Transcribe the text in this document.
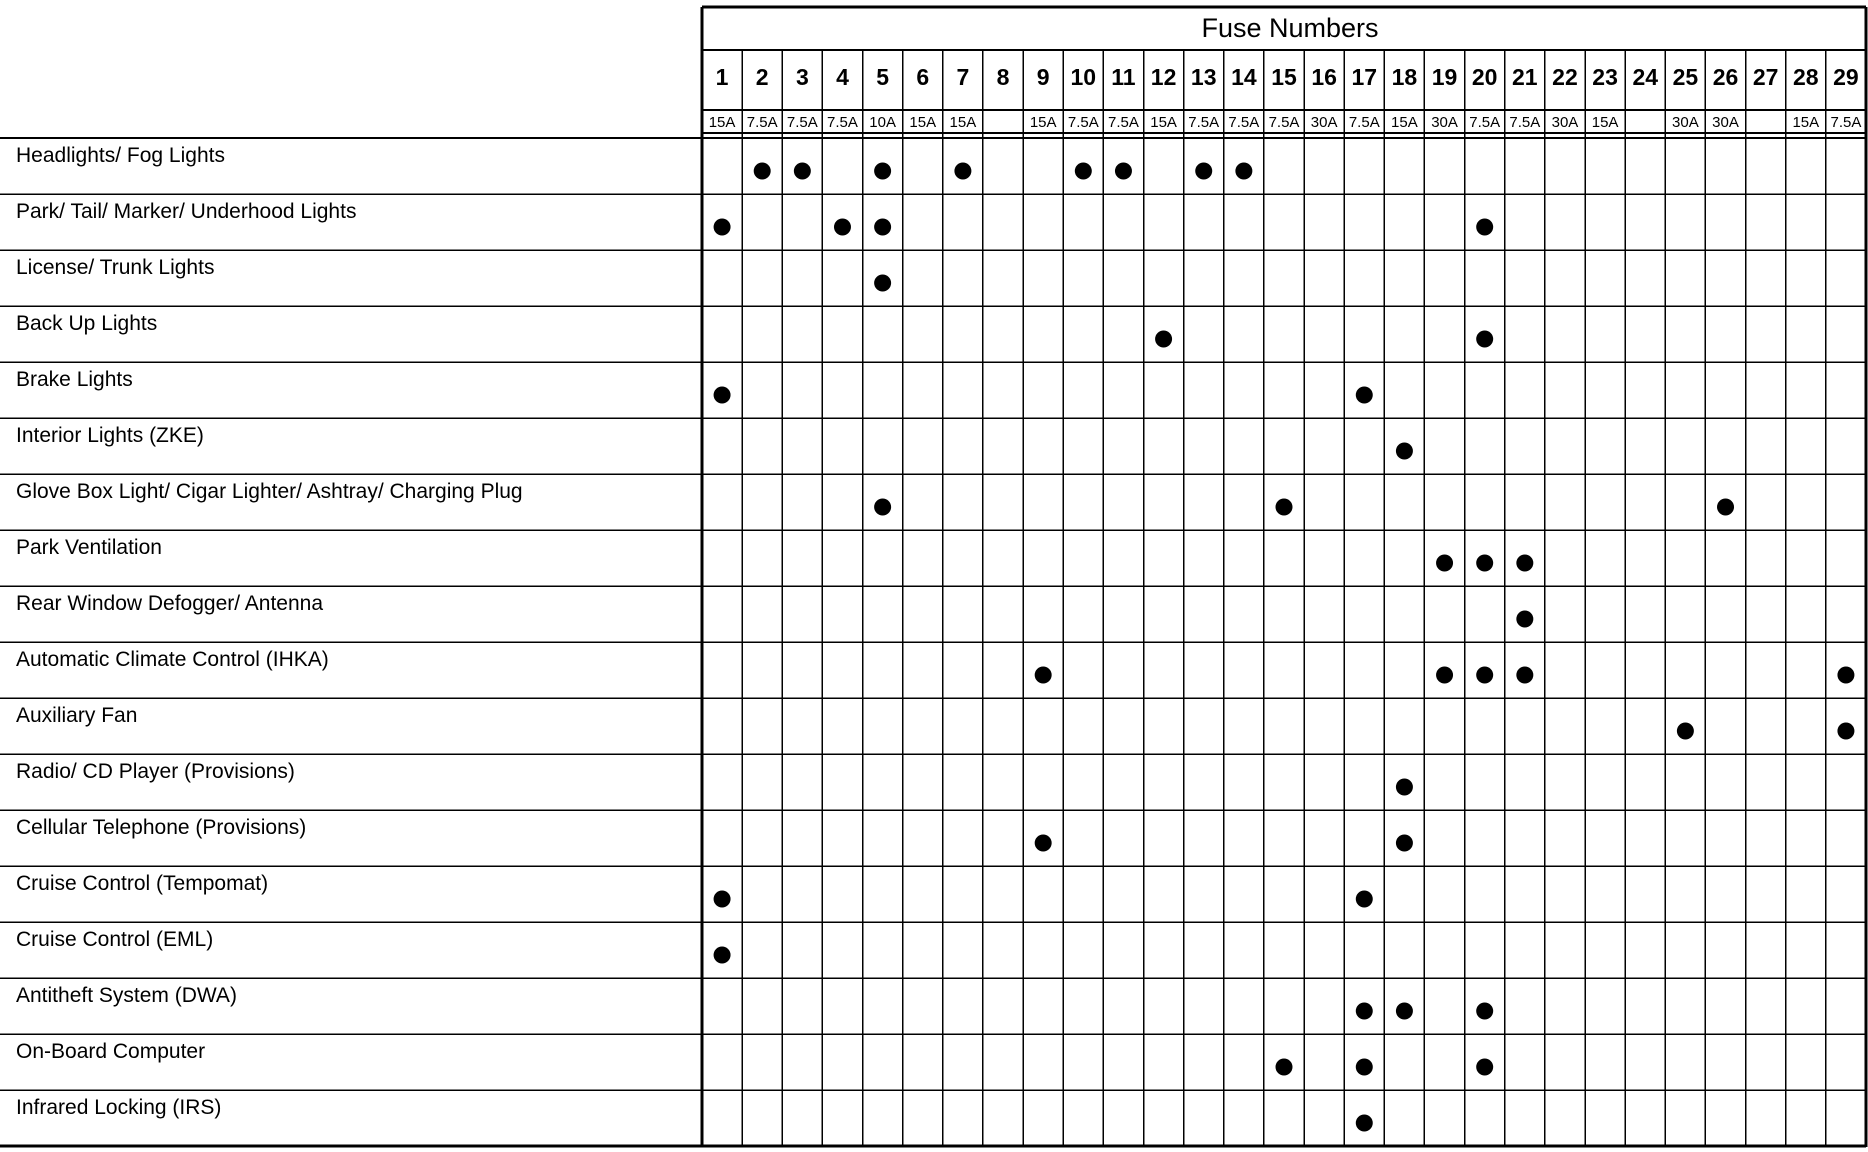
Fuse Numbers
1
15A
2
7.5A
3
7.5A
4
7.5A
5
10A
6
15A
7
15A
8 9
15A
10
7.5A
11
7.5A
12
15A
13
7.5A
14
7.5A
15
7.5A
16
30A
17
7.5A
18
15A
19
30A
20
7.5A
21
7.5A
22
30A
23
15A
24 25
30A
26
30A
27 28
15A
29
7.5A
Headlights/ Fog Lights
Park/ Tail/ Marker/ Underhood Lights
License/ Trunk Lights
Back Up Lights
Brake Lights
Interior Lights (ZKE)
Glove Box Light/ Cigar Lighter/ Ashtray/ Charging Plug
Park Ventilation
Rear Window Defogger/ Antenna
Automatic Climate Control (IHKA)
Auxiliary Fan
Radio/ CD Player (Provisions)
Cellular Telephone (Provisions)
Cruise Control (Tempomat)
Cruise Control (EML)
Antitheft System (DWA)
On-Board Computer
Infrared Locking (IRS)
